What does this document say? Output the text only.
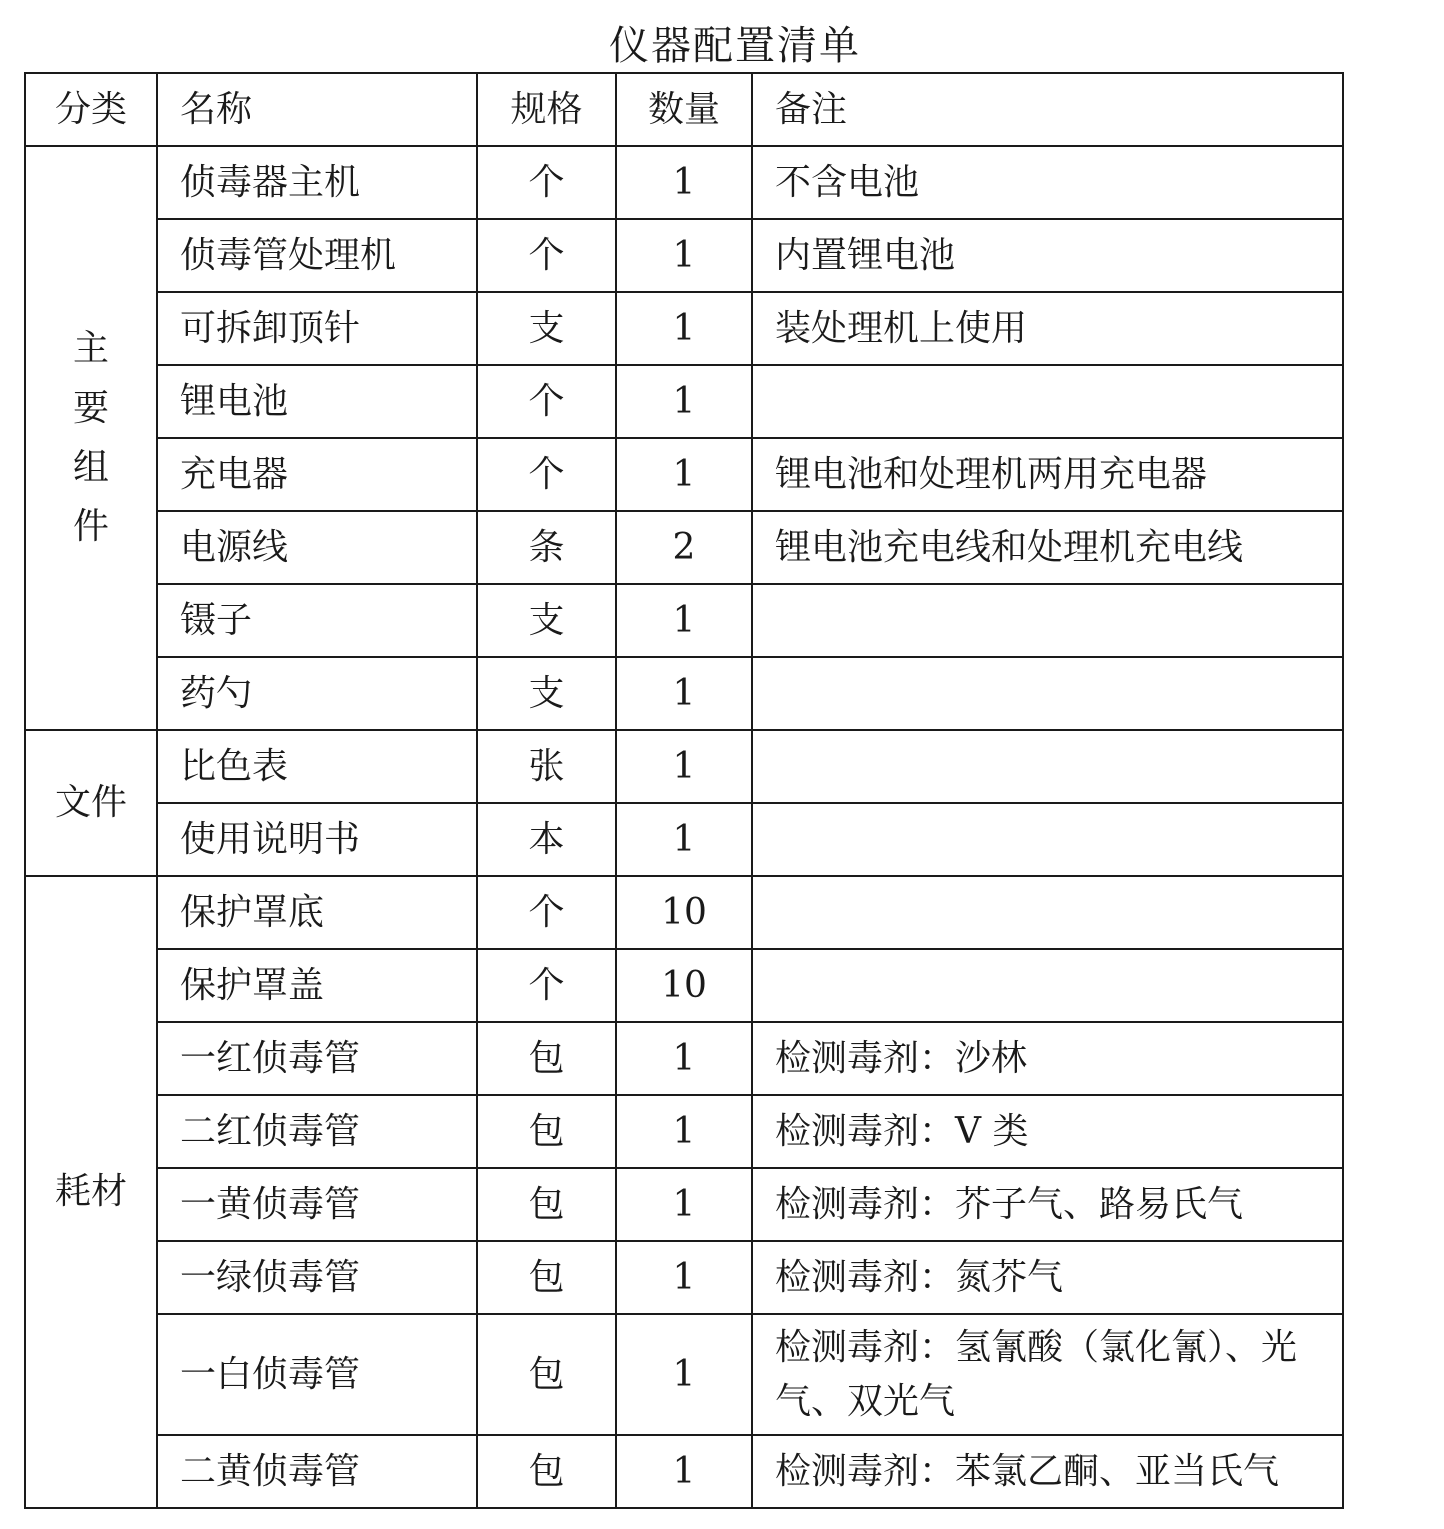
仪器配置清单
分类	名称	规格	数量	备注
主要组件	侦毒器主机	个	1	不含电池
	侦毒管处理机	个	1	内置锂电池
	可拆卸顶针	支	1	装处理机上使用
	锂电池	个	1	
	充电器	个	1	锂电池和处理机两用充电器
	电源线	条	2	锂电池充电线和处理机充电线
	镊子	支	1	
	药勺	支	1	
文件	比色表	张	1	
	使用说明书	本	1	
耗材	保护罩底	个	10	
	保护罩盖	个	10	
	一红侦毒管	包	1	检测毒剂：沙林
	二红侦毒管	包	1	检测毒剂：V 类
	一黄侦毒管	包	1	检测毒剂：芥子气、路易氏气
	一绿侦毒管	包	1	检测毒剂：氮芥气
	一白侦毒管	包	1	检测毒剂：氢氰酸（氯化氰）、光气、双光气

	二黄侦毒管	包	1	检测毒剂：苯氯乙酮、亚当氏气
